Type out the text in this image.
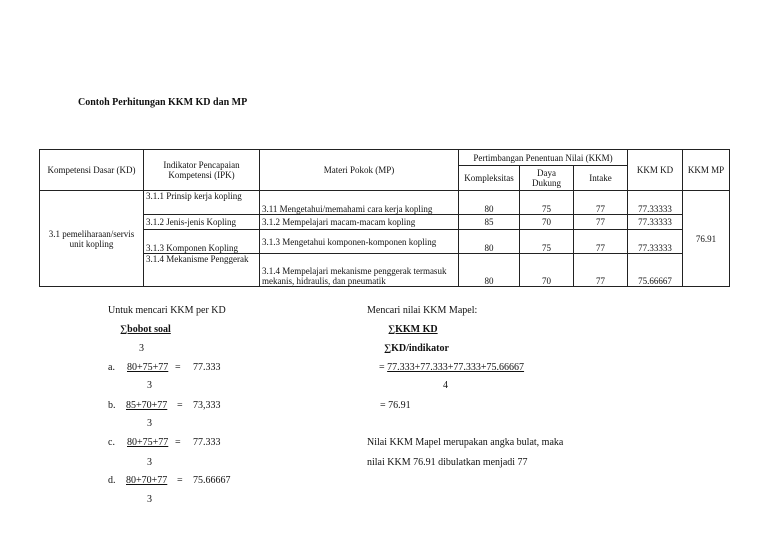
Contoh Perhitungan KKM KD dan MP
Kompetensi Dasar (KD)	Indikator Pencapaian Kompetensi (IPK)	Materi Pokok (MP)	Pertimbangan Penentuan Nilai (KKM)			KKM KD	KKM MP
			Kompleksitas	Daya Dukung	Intake		
3.1 pemeliharaan/servis unit kopling	3.1.1 Prinsip kerja kopling	3.11 Mengetahui/memahami cara kerja kopling	80	75	77	77.33333	76.91
	3.1.2 Jenis-jenis Kopling	3.1.2 Mempelajari macam-macam kopling	85	70	77	77.33333	
	3.1.3 Komponen Kopling	3.1.3 Mengetahui komponen-komponen kopling	80	75	77	77.33333	
	3.1.4 Mekanisme Penggerak	3.1.4 Mempelajari mekanisme penggerak termasuk mekanis, hidraulis, dan pneumatik	80	70	77	75.66667	
Untuk mencari KKM per KD
∑bobot soal
3
a. 80+75+77 = 77.333
3
b. 85+70+77 = 73,333
3
c. 80+75+77 = 77.333
3
d. 80+70+77 = 75.66667
3
Mencari nilai KKM Mapel:
∑KKM KD
∑KD/indikator
= 77.333+77.333+77.333+75.66667
4
= 76.91
Nilai KKM Mapel merupakan angka bulat, maka
nilai KKM 76.91 dibulatkan menjadi 77
